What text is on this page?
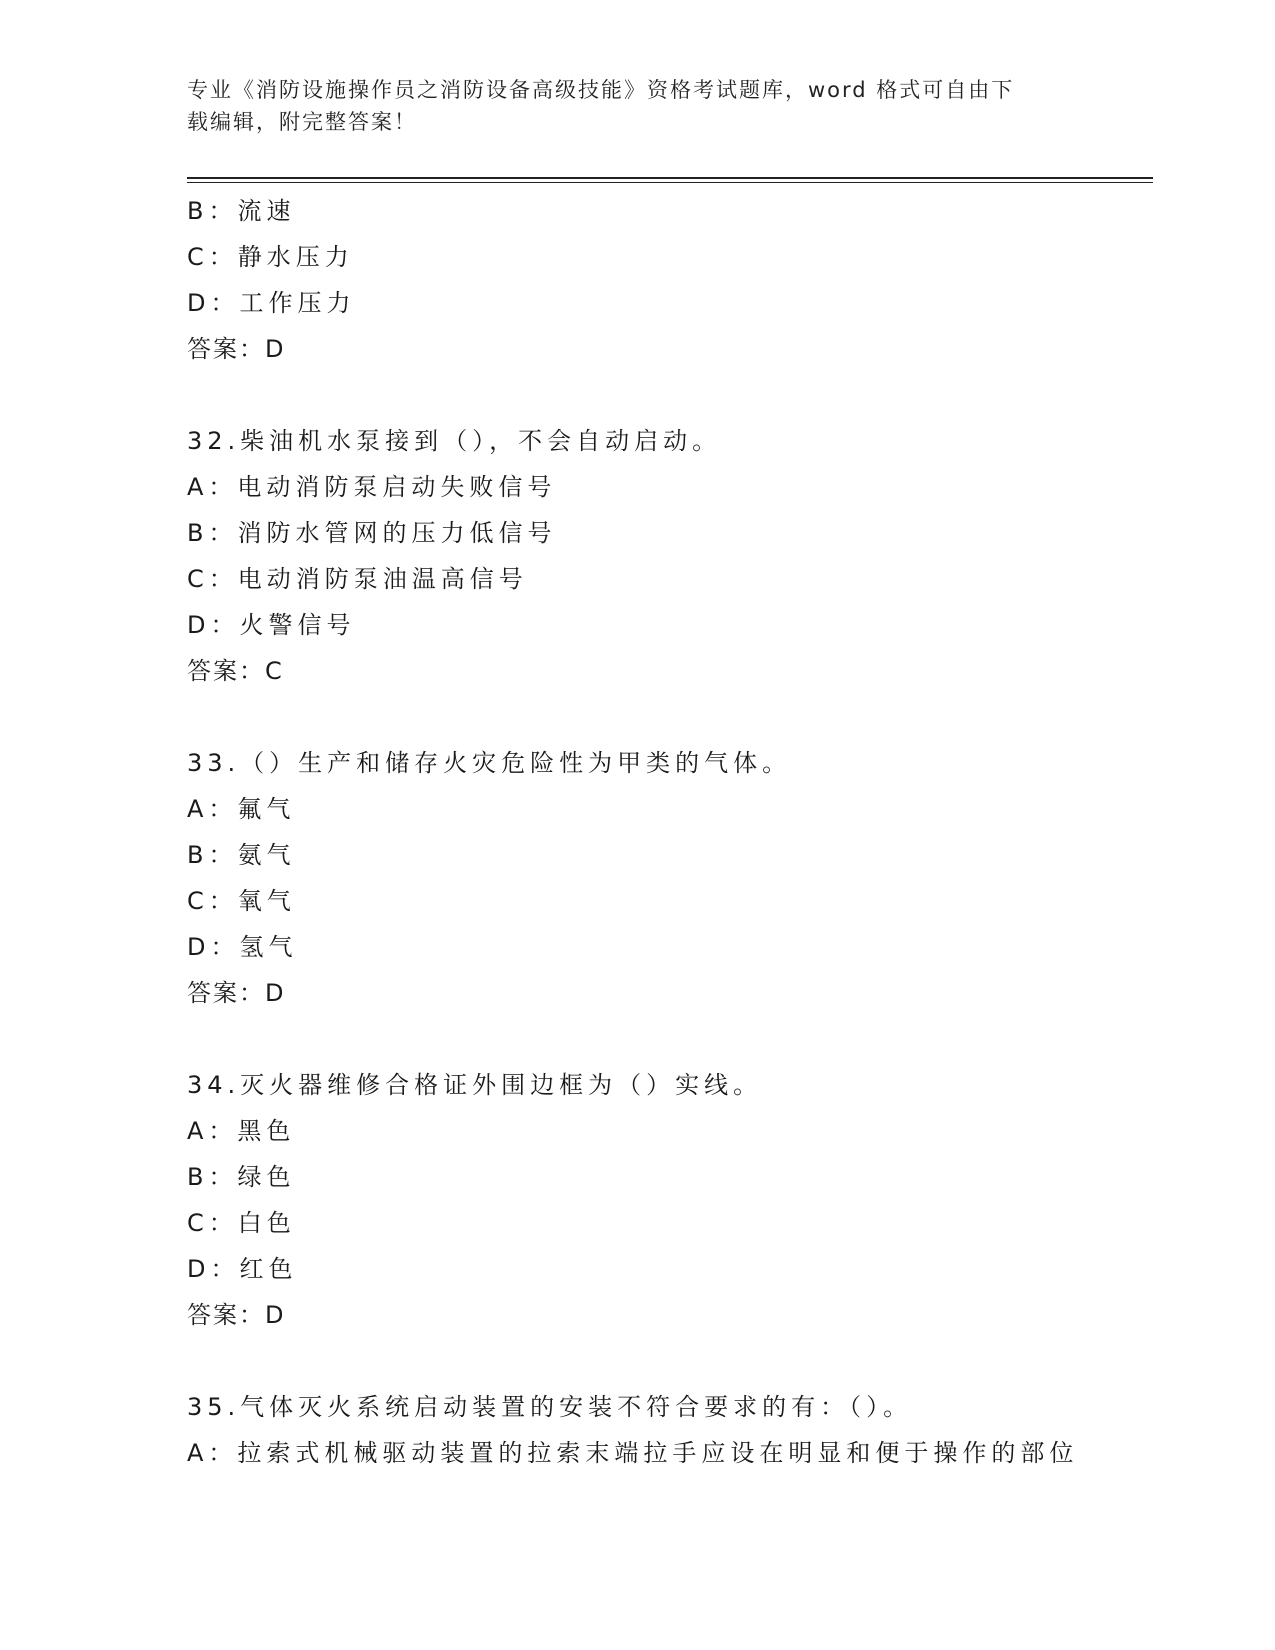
专业《消防设施操作员之消防设备高级技能》资格考试题库，word 格式可自由下
载编辑，附完整答案！
B：流速
C：静水压力
D：工作压力
答案：D
32.柴油机水泵接到（），不会自动启动。
A：电动消防泵启动失败信号
B：消防水管网的压力低信号
C：电动消防泵油温高信号
D：火警信号
答案：C
33.（）生产和储存火灾危险性为甲类的气体。
A：氟气
B：氨气
C：氧气
D：氢气
答案：D
34.灭火器维修合格证外围边框为（）实线。
A：黑色
B：绿色
C：白色
D：红色
答案：D
35.气体灭火系统启动装置的安装不符合要求的有：（）。
A：拉索式机械驱动装置的拉索末端拉手应设在明显和便于操作的部位
